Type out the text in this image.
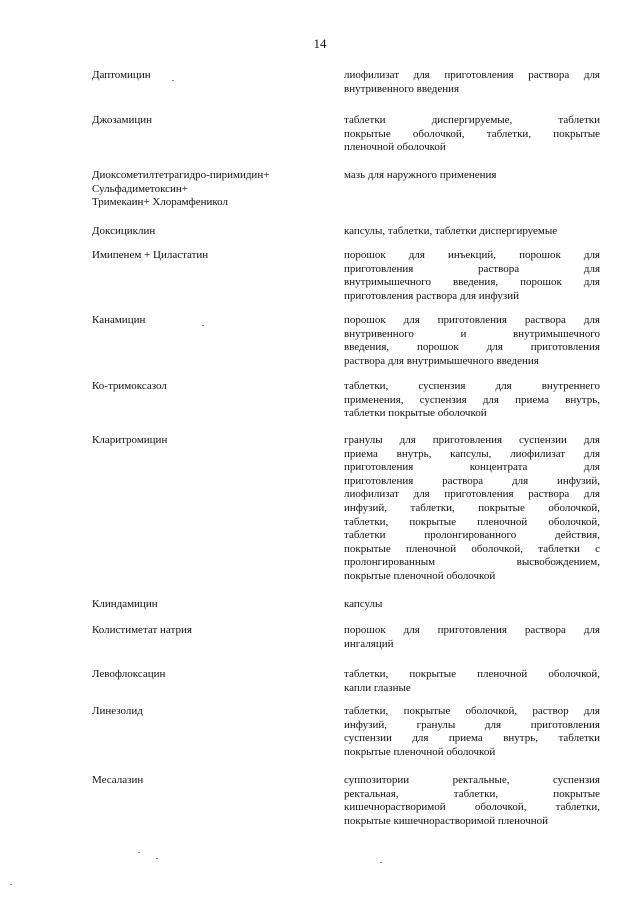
14
Даптомицин	лиофилизат для приготовления раствора для
внутривенного введения
Джозамицин	таблетки диспергируемые, таблетки
покрытые оболочкой, таблетки, покрытые
пленочной оболочкой
Диоксометилтетрагидро-пиримидин+
Сульфадиметоксин+
Тримекаин+ Хлорамфеникол
мазь для наружного применения
Доксициклин	капсулы, таблетки, таблетки диспергируемые
Имипенем + Циластатин	порошок для инъекций, порошок для
приготовления раствора для
внутримышечного введения, порошок для
приготовления раствора для инфузий
Канамицин	порошок для приготовления раствора для
внутривенного и внутримышечного
введения, порошок для приготовления
раствора для внутримышечного введения
Ко-тримоксазол	таблетки, суспензия для внутреннего
применения, суспензия для приема внутрь,
таблетки покрытые оболочкой
Кларитромицин	гранулы для приготовления суспензии для
приема внутрь, капсулы, лиофилизат для
приготовления концентрата для
приготовления раствора для инфузий,
лиофилизат для приготовления раствора для
инфузий, таблетки, покрытые оболочкой,
таблетки, покрытые пленочной оболочкой,
таблетки пролонгированного действия,
покрытые пленочной оболочкой, таблетки с
пролонгированным высвобождением,
покрытые пленочной оболочкой
Клиндамицин	капсулы
Колистиметат натрия	порошок для приготовления раствора для
ингаляций
Левофлоксацин	таблетки, покрытые пленочной оболочкой,
капли глазные
Линезолид	таблетки, покрытые оболочкой, раствор для
инфузий, гранулы для приготовления
суспензии для приема внутрь, таблетки
покрытые пленочной оболочкой
Месалазин	суппозитории ректальные, суспензия
ректальная, таблетки, покрытые
кишечнорастворимой оболочкой, таблетки,
покрытые кишечнорастворимой пленочной
